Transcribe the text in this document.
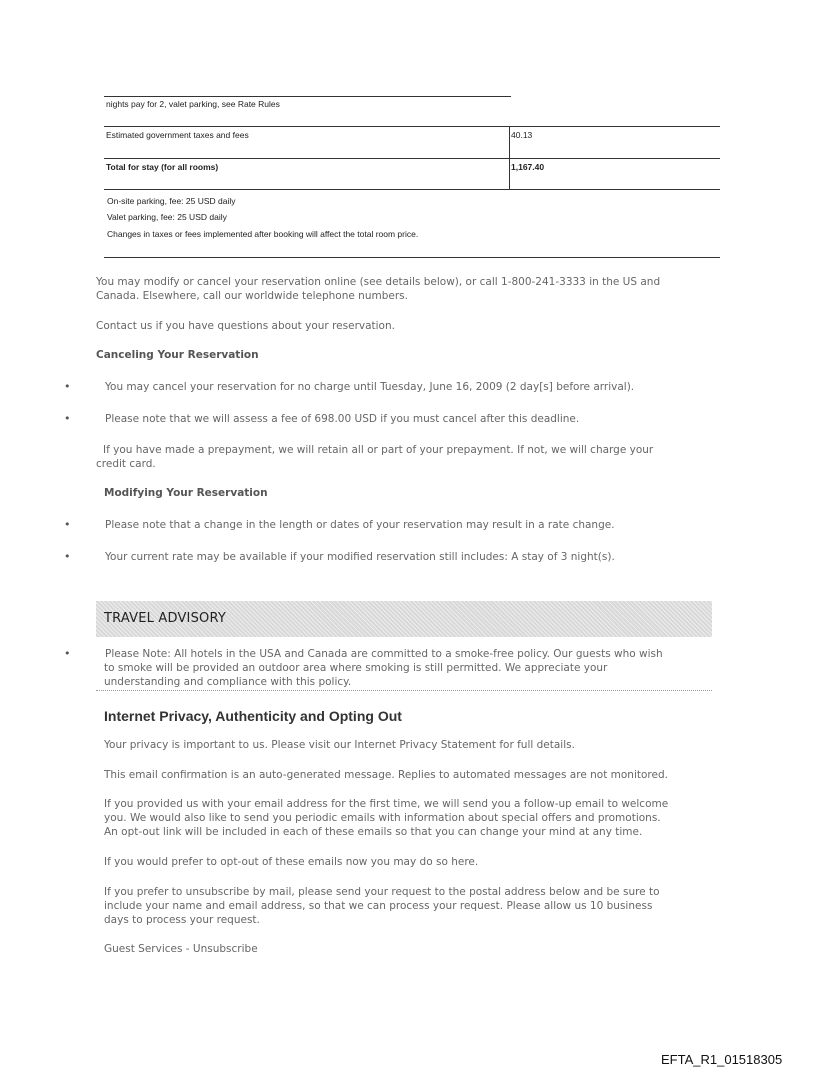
nights pay for 2, valet parking, see Rate Rules
Estimated government taxes and fees	40.13
Total for stay (for all rooms)	1,167.40
On-site parking, fee: 25 USD daily
Valet parking, fee: 25 USD daily
Changes in taxes or fees implemented after booking will affect the total room price.
You may modify or cancel your reservation online (see details below), or call 1-800-241-3333 in the US and
Canada. Elsewhere, call our worldwide telephone numbers.
Contact us if you have questions about your reservation.
Canceling Your Reservation
•	You may cancel your reservation for no charge until Tuesday, June 16, 2009 (2 day[s] before arrival).
•	Please note that we will assess a fee of 698.00 USD if you must cancel after this deadline.
If you have made a prepayment, we will retain all or part of your prepayment. If not, we will charge your
credit card.
Modifying Your Reservation
•	Please note that a change in the length or dates of your reservation may result in a rate change.
•	Your current rate may be available if your modified reservation still includes: A stay of 3 night(s).
TRAVEL ADVISORY
•	Please Note: All hotels in the USA and Canada are committed to a smoke-free policy. Our guests who wish
to smoke will be provided an outdoor area where smoking is still permitted. We appreciate your
understanding and compliance with this policy.
Internet Privacy, Authenticity and Opting Out
Your privacy is important to us. Please visit our Internet Privacy Statement for full details.
This email confirmation is an auto-generated message. Replies to automated messages are not monitored.
If you provided us with your email address for the first time, we will send you a follow-up email to welcome
you. We would also like to send you periodic emails with information about special offers and promotions.
An opt-out link will be included in each of these emails so that you can change your mind at any time.
If you would prefer to opt-out of these emails now you may do so here.
If you prefer to unsubscribe by mail, please send your request to the postal address below and be sure to
include your name and email address, so that we can process your request. Please allow us 10 business
days to process your request.
Guest Services - Unsubscribe
EFTA_R1_01518305
